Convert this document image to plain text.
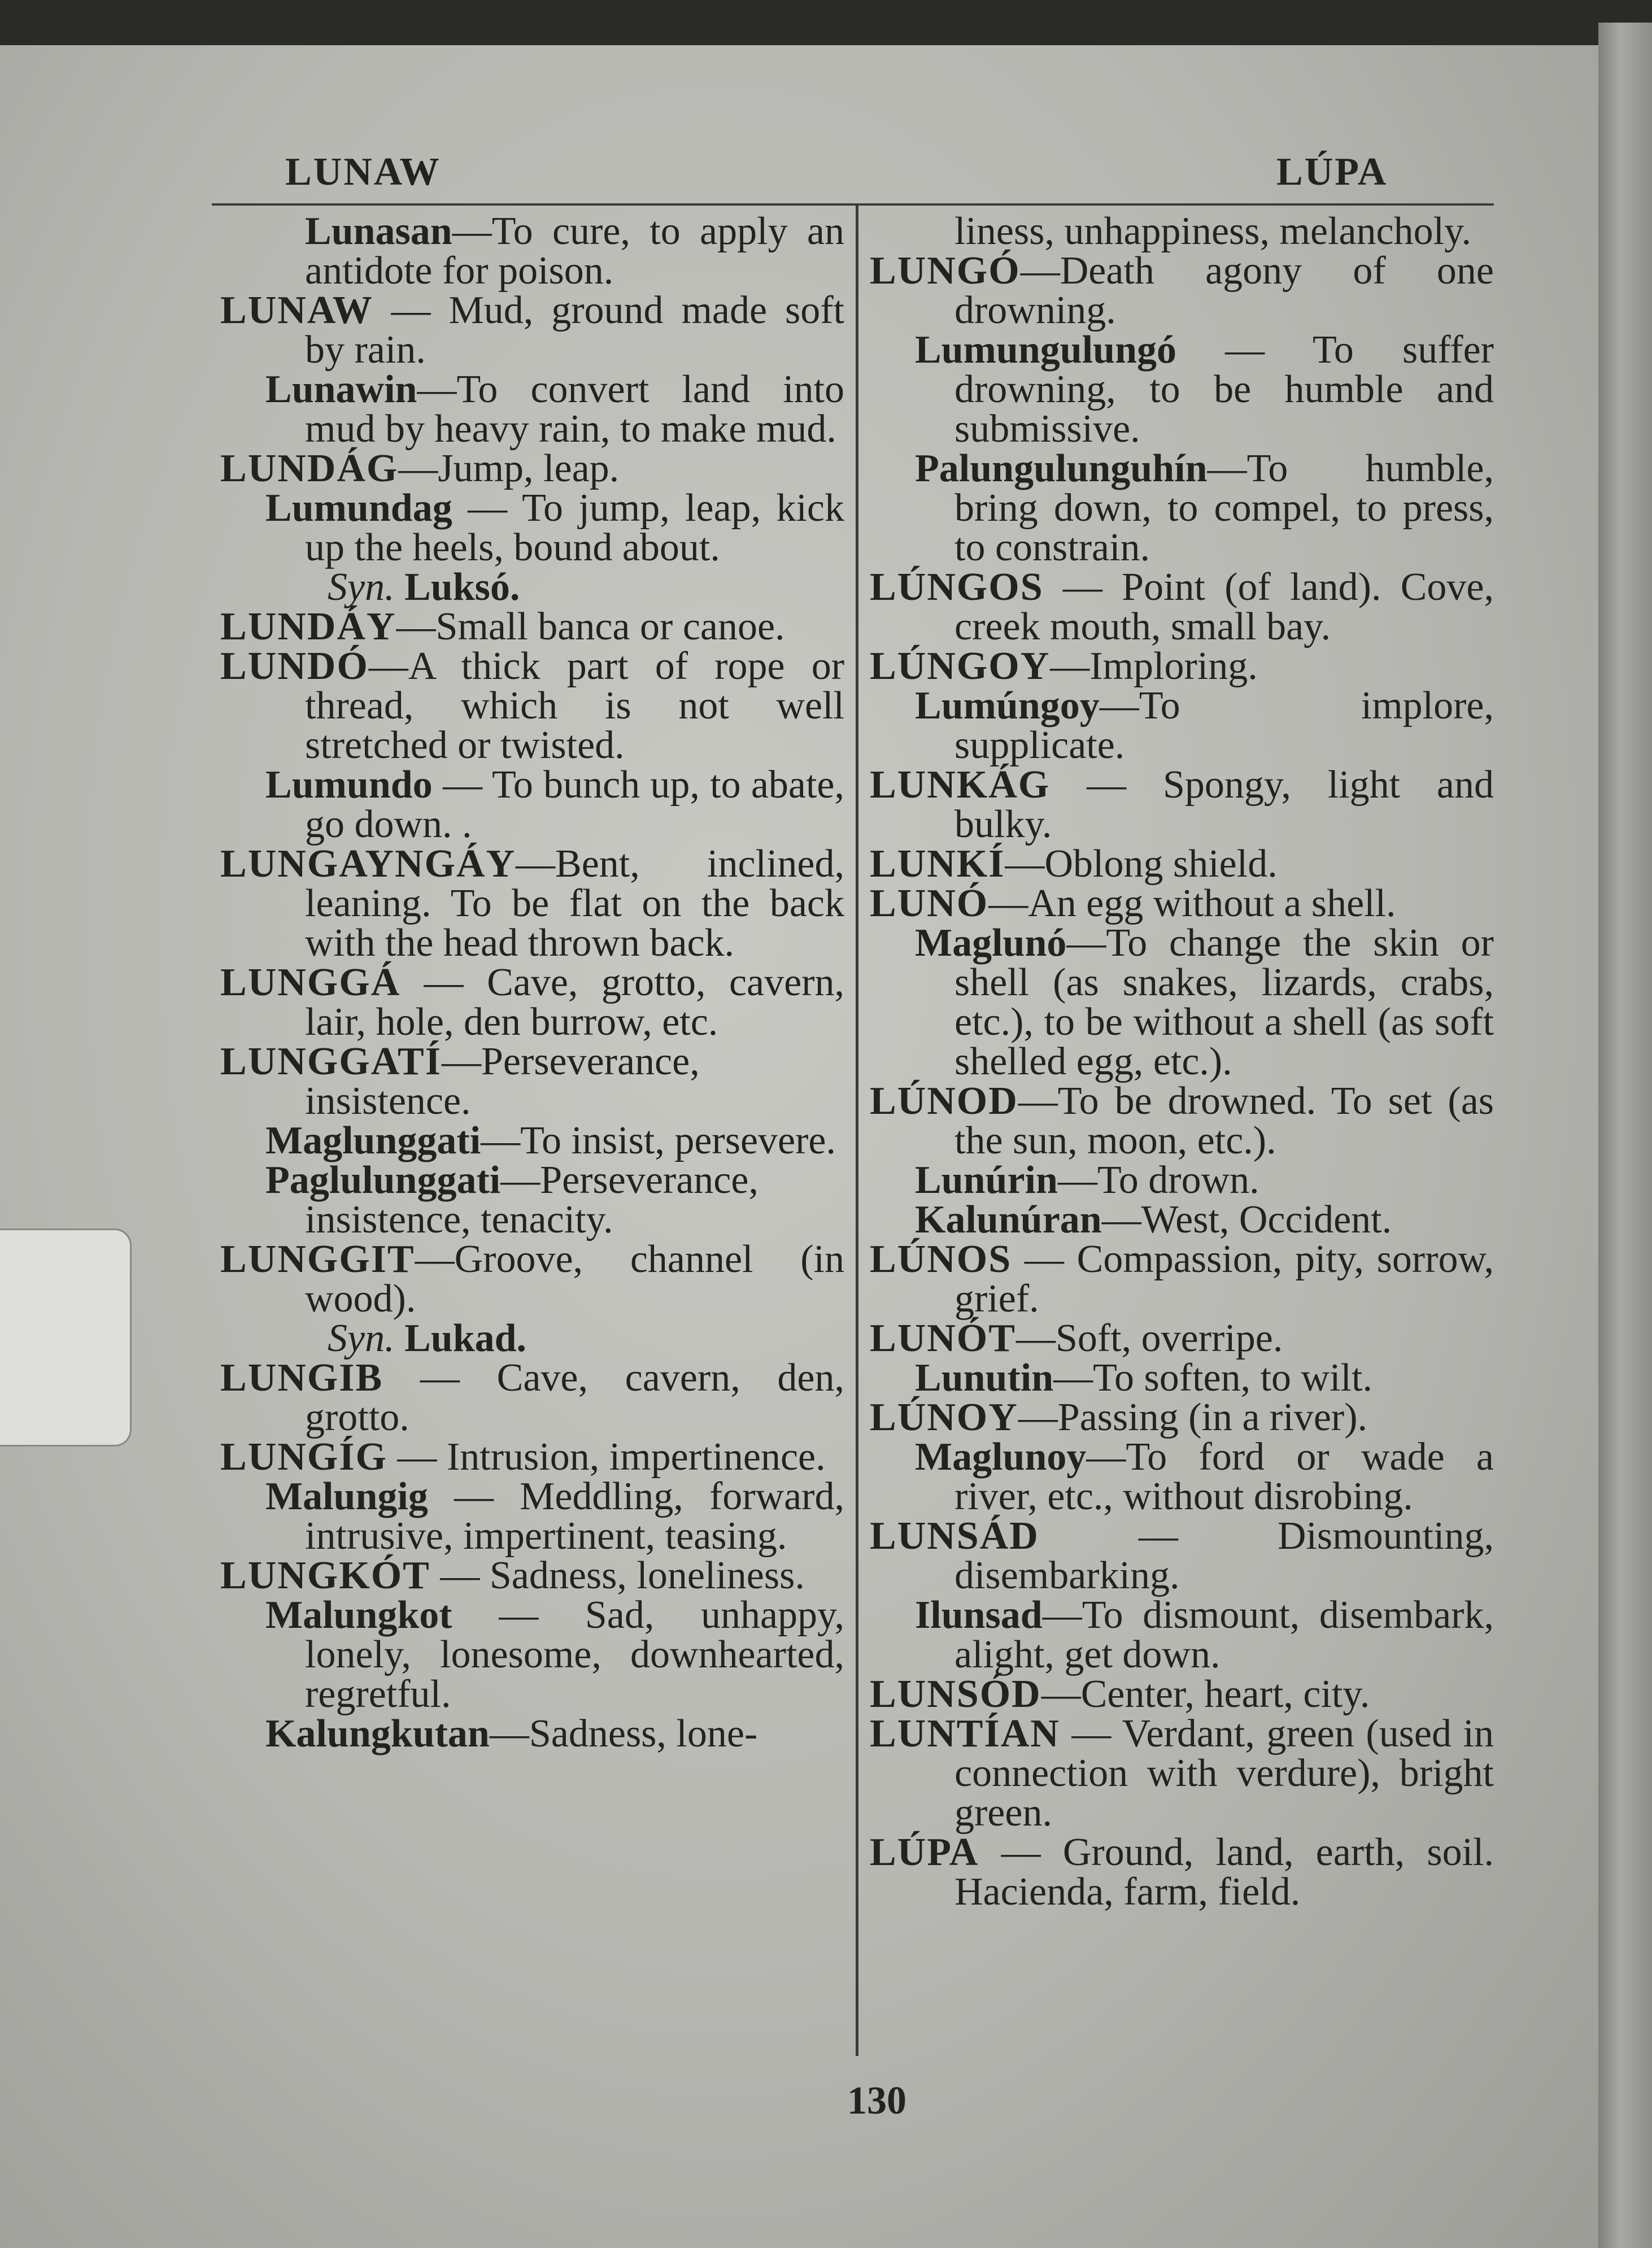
LUNAW	LÚPA
Lunasan—To cure, to apply an antidote for poison.
LUNAW — Mud, ground made soft by rain.
Lunawin—To convert land into mud by heavy rain, to make mud.
LUNDÁG—Jump, leap.
Lumundag — To jump, leap, kick up the heels, bound about.
Syn. Luksó.
LUNDÁY—Small banca or canoe.
LUNDÓ—A thick part of rope or thread, which is not well stretched or twisted.
Lumundo — To bunch up, to abate, go down. .
LUNGAYNGÁY—Bent, inclined, leaning. To be flat on the back with the head thrown back.
LUNGGÁ — Cave, grotto, cavern, lair, hole, den burrow, etc.
LUNGGATÍ—Perseverance, insistence.
Maglunggati—To insist, persevere.
Paglulunggati—Perseverance, insistence, tenacity.
LUNGGIT—Groove, channel (in wood).
Syn. Lukad.
LUNGIB — Cave, cavern, den, grotto.
LUNGÍG — Intrusion, impertinence.
Malungig — Meddling, forward, intrusive, impertinent, teasing.
LUNGKÓT — Sadness, loneliness.
Malungkot — Sad, unhappy, lonely, lonesome, downhearted, regretful.
Kalungkutan—Sadness, lone-
liness, unhappiness, melancholy.
LUNGÓ—Death agony of one drowning.
Lumungulungó — To suffer drowning, to be humble and submissive.
Palungulunguhín—To humble, bring down, to compel, to press, to constrain.
LÚNGOS — Point (of land). Cove, creek mouth, small bay.
LÚNGOY—Imploring.
Lumúngoy—To implore, supplicate.
LUNKÁG — Spongy, light and bulky.
LUNKÍ—Oblong shield.
LUNÓ—An egg without a shell.
Maglunó—To change the skin or shell (as snakes, lizards, crabs, etc.), to be without a shell (as soft shelled egg, etc.).
LÚNOD—To be drowned. To set (as the sun, moon, etc.).
Lunúrin—To drown.
Kalunúran—West, Occident.
LÚNOS — Compassion, pity, sorrow, grief.
LUNÓT—Soft, overripe.
Lunutin—To soften, to wilt.
LÚNOY—Passing (in a river).
Maglunoy—To ford or wade a river, etc., without disrobing.
LUNSÁD — Dismounting, disembarking.
Ilunsad—To dismount, disembark, alight, get down.
LUNSÓD—Center, heart, city.
LUNTÍAN — Verdant, green (used in connection with verdure), bright green.
LÚPA — Ground, land, earth, soil. Hacienda, farm, field.
130
